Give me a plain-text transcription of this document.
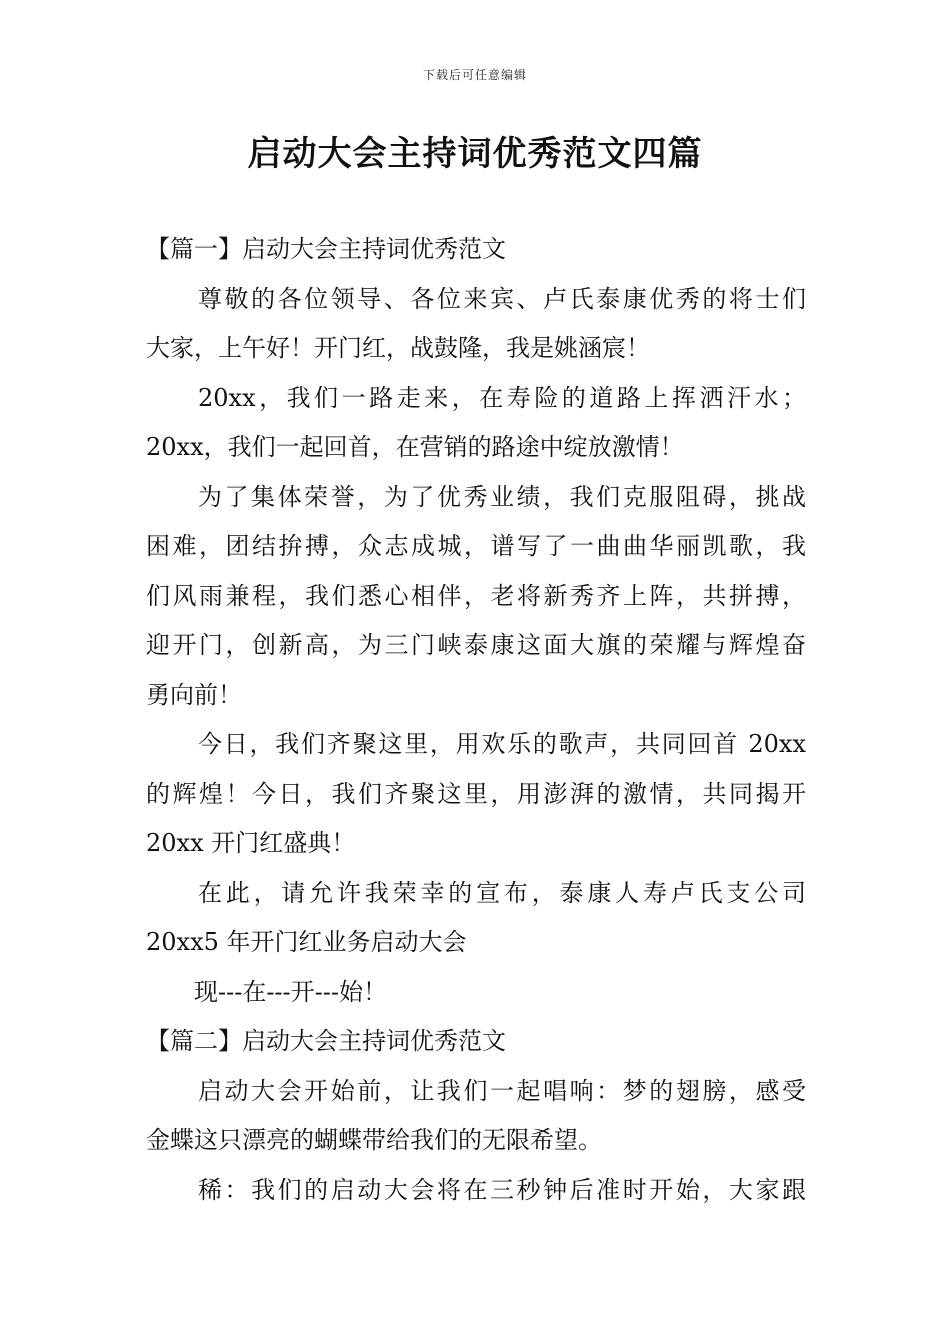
下载后可任意编辑
启动大会主持词优秀范文四篇
【篇一】启动大会主持词优秀范文
尊敬的各位领导、各位来宾、卢氏泰康优秀的将士们
大家，上午好！开门红，战鼓隆，我是姚涵宸！
20xx，我们一路走来，在寿险的道路上挥洒汗水；
20xx，我们一起回首，在营销的路途中绽放激情！
为了集体荣誉，为了优秀业绩，我们克服阻碍，挑战
困难，团结拚搏，众志成城，谱写了一曲曲华丽凯歌，我
们风雨兼程，我们悉心相伴，老将新秀齐上阵，共拼搏，
迎开门，创新高，为三门峡泰康这面大旗的荣耀与辉煌奋
勇向前！
今日，我们齐聚这里，用欢乐的歌声，共同回首 20xx
的辉煌！今日，我们齐聚这里，用澎湃的激情，共同揭开
20xx 开门红盛典！
在此，请允许我荣幸的宣布，泰康人寿卢氏支公司
20xx5 年开门红业务启动大会
现---在---开---始！
【篇二】启动大会主持词优秀范文
启动大会开始前，让我们一起唱响：梦的翅膀，感受
金蝶这只漂亮的蝴蝶带给我们的无限希望。
稀：我们的启动大会将在三秒钟后准时开始，大家跟
